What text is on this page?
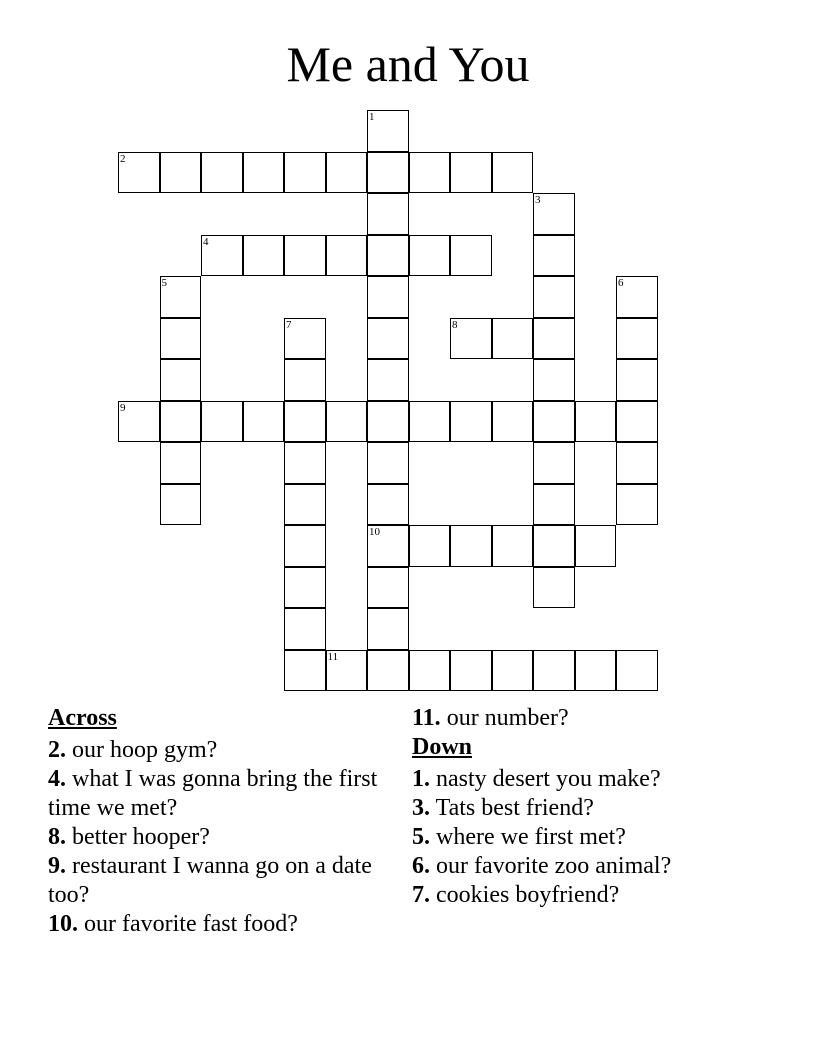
Me and You
1
10
2
3
4
5	6
7	8
9
11
Across
2. our hoop gym?
4. what I was gonna bring the first time we met?
8. better hooper?
9. restaurant I wanna go on a date too?
10. our favorite fast food?
11. our number?
Down
1. nasty desert you make?
3. Tats best friend?
5. where we first met?
6. our favorite zoo animal?
7. cookies boyfriend?
